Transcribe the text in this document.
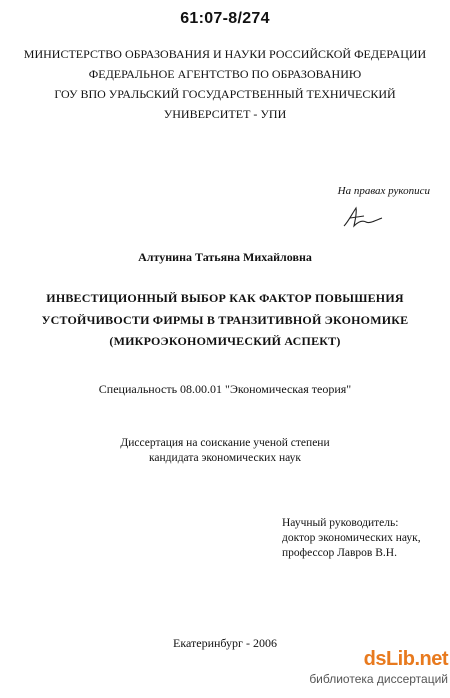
61:07-8/274
МИНИСТЕРСТВО ОБРАЗОВАНИЯ И НАУКИ РОССИЙСКОЙ ФЕДЕРАЦИИ
ФЕДЕРАЛЬНОЕ АГЕНТСТВО ПО ОБРАЗОВАНИЮ
ГОУ ВПО УРАЛЬСКИЙ ГОСУДАРСТВЕННЫЙ ТЕХНИЧЕСКИЙ
УНИВЕРСИТЕТ - УПИ
На правах рукописи
Алтунина Татьяна Михайловна
ИНВЕСТИЦИОННЫЙ ВЫБОР КАК ФАКТОР ПОВЫШЕНИЯ
УСТОЙЧИВОСТИ ФИРМЫ В ТРАНЗИТИВНОЙ ЭКОНОМИКЕ
(МИКРОЭКОНОМИЧЕСКИЙ АСПЕКТ)
Специальность 08.00.01 "Экономическая теория"
Диссертация на соискание ученой степени
кандидата экономических наук
Научный руководитель:
доктор экономических наук,
профессор Лавров В.Н.
Екатеринбург - 2006
dsLib.net
библиотека диссертаций
